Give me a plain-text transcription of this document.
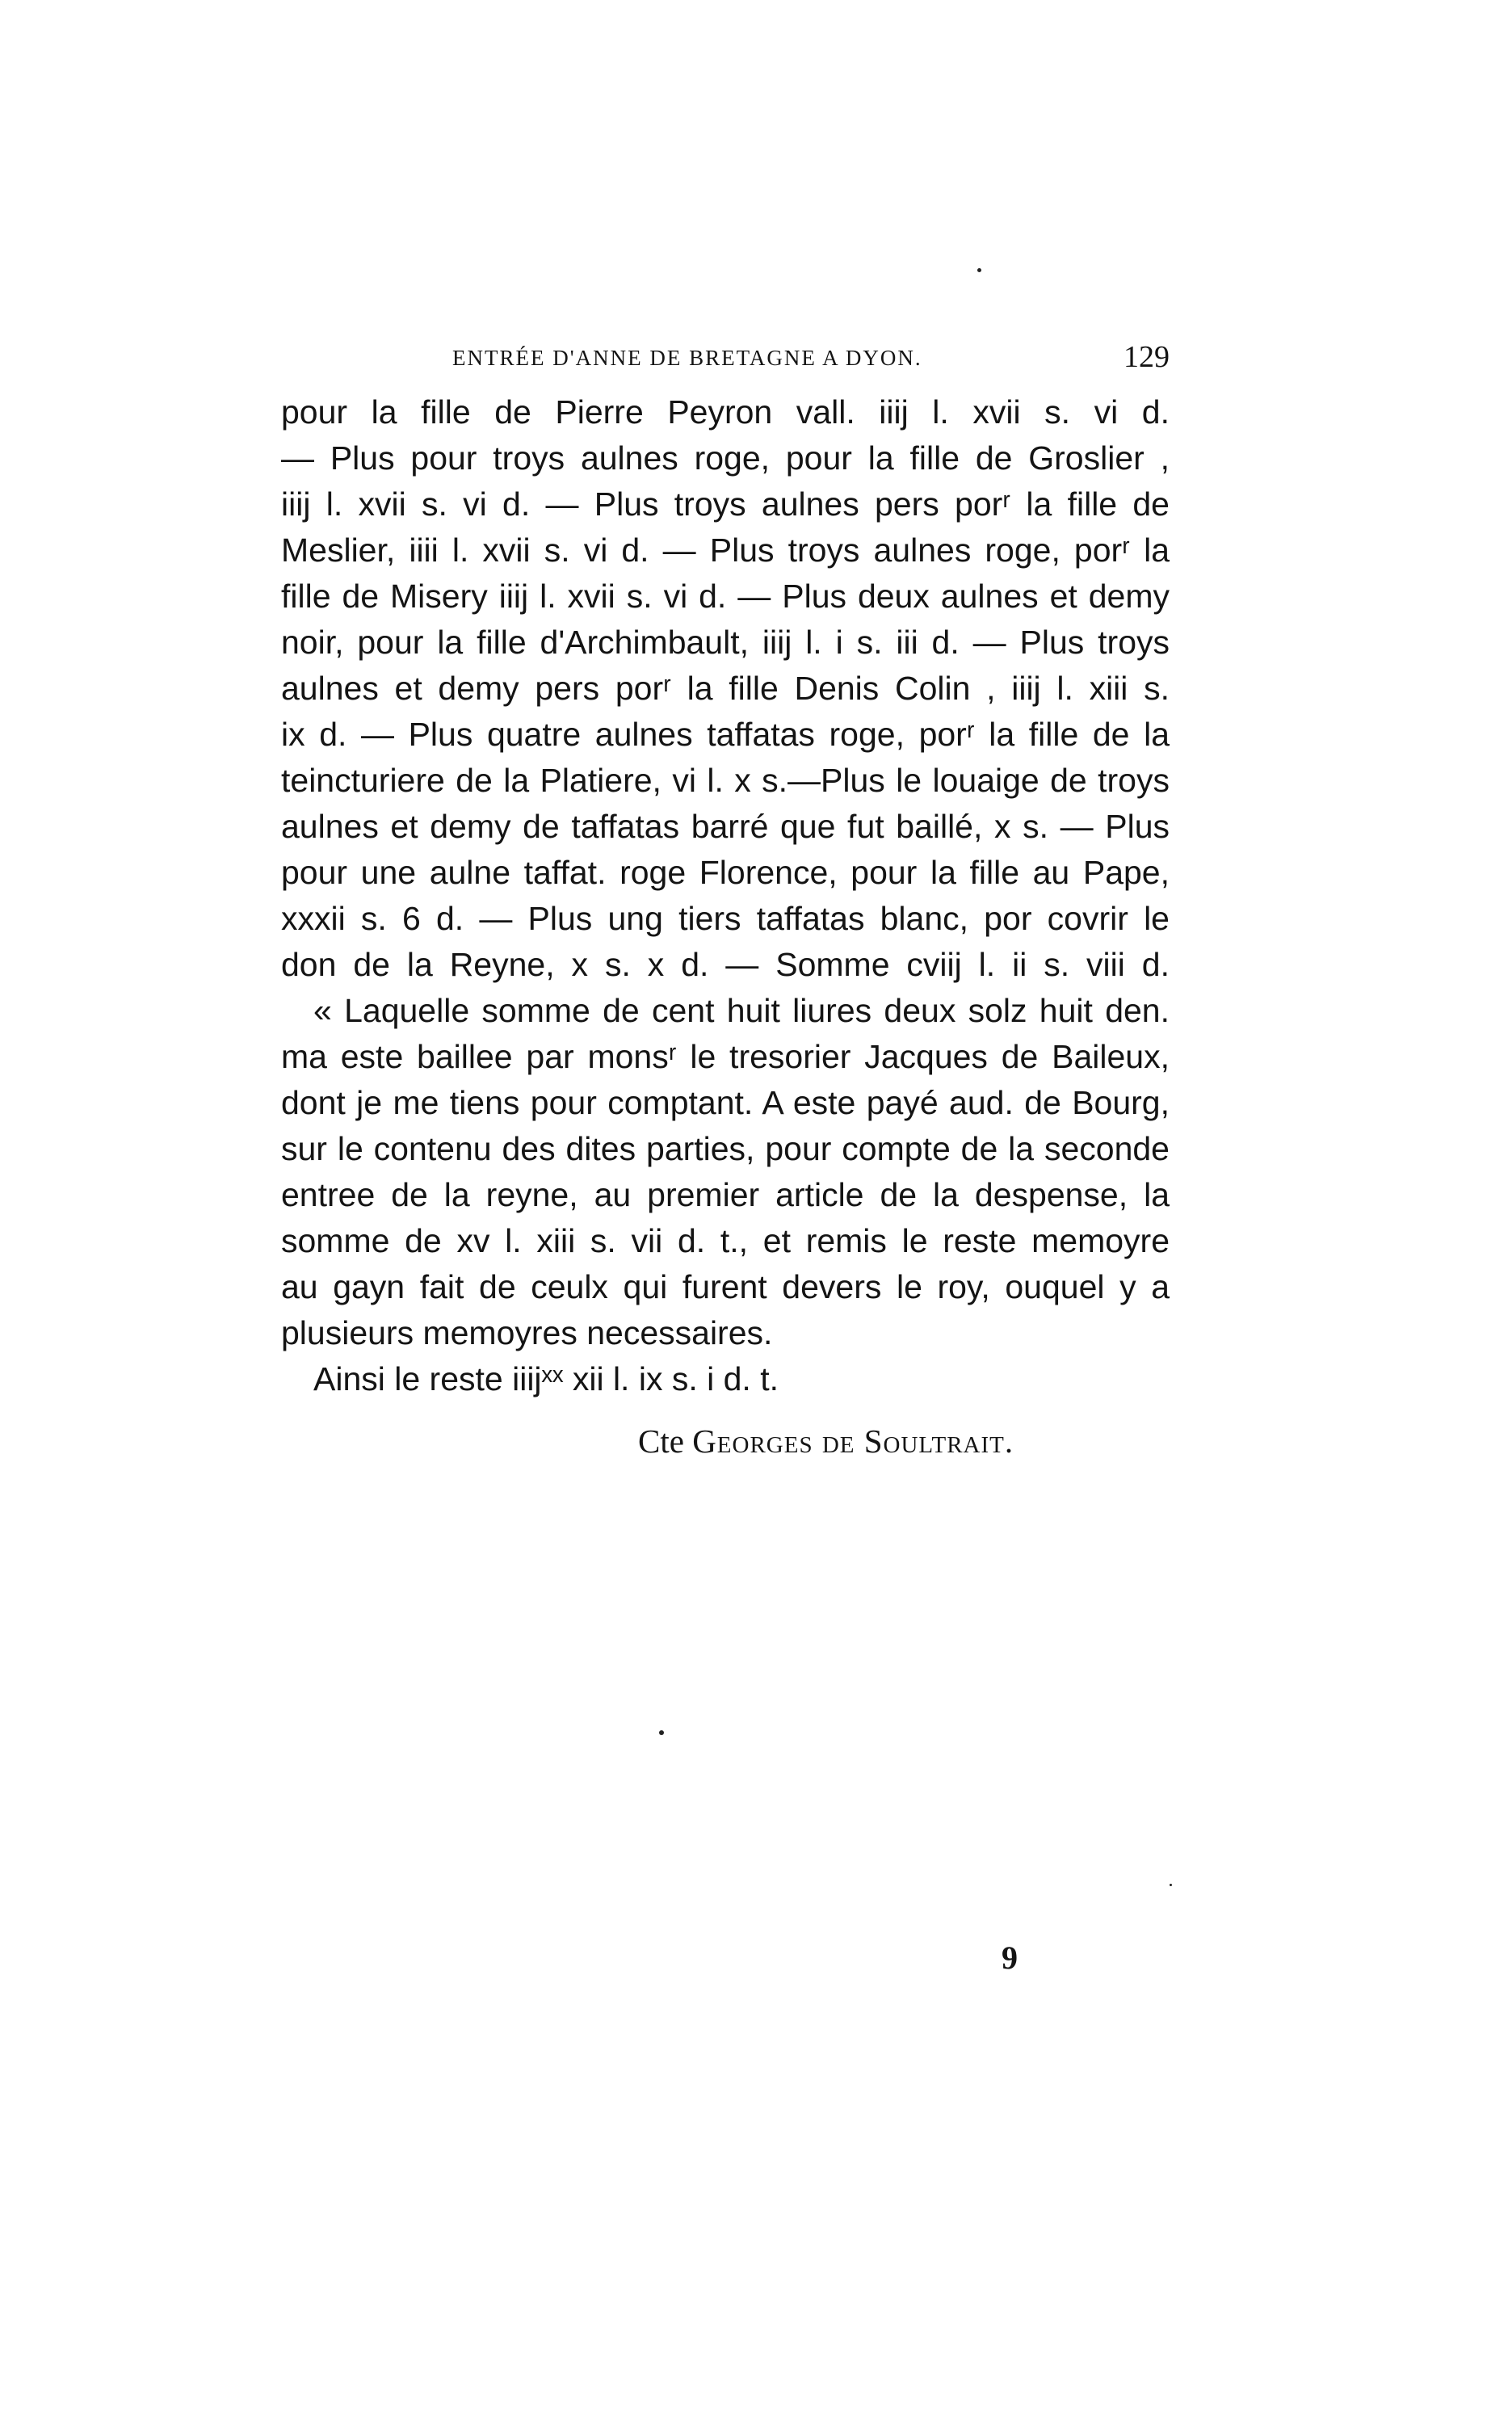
ENTRÉE D'ANNE DE BRETAGNE A DYON.	129
pour la fille de Pierre Peyron vall. iiij l. xvii s. vi d.
— Plus pour troys aulnes roge, pour la fille de Groslier ,
iiij l. xvii s. vi d. — Plus troys aulnes pers porʳ la fille de
Meslier, iiii l. xvii s. vi d. — Plus troys aulnes roge, porʳ la
fille de Misery iiij l. xvii s. vi d. — Plus deux aulnes et demy
noir, pour la fille d'Archimbault, iiij l. i s. iii d. — Plus troys
aulnes et demy pers porʳ la fille Denis Colin , iiij l. xiii s.
ix d. — Plus quatre aulnes taffatas roge, porʳ la fille de la
teincturiere de la Platiere, vi l. x s.—Plus le louaige de troys
aulnes et demy de taffatas barré que fut baillé, x s. — Plus
pour une aulne taffat. roge Florence, pour la fille au Pape,
xxxii s. 6 d. — Plus ung tiers taffatas blanc, por covrir le
don de la Reyne, x s. x d. — Somme cviij l. ii s. viii d.
« Laquelle somme de cent huit liures deux solz huit den.
ma este baillee par monsʳ le tresorier Jacques de Baileux,
dont je me tiens pour comptant. A este payé aud. de Bourg,
sur le contenu des dites parties, pour compte de la seconde
entree de la reyne, au premier article de la despense, la
somme de xv l. xiii s. vii d. t., et remis le reste memoyre
au gayn fait de ceulx qui furent devers le roy, ouquel y a
plusieurs memoyres necessaires.
Ainsi le reste iiijˣˣ xii l. ix s. i d. t.
Cte Georges de Soultrait.
9
